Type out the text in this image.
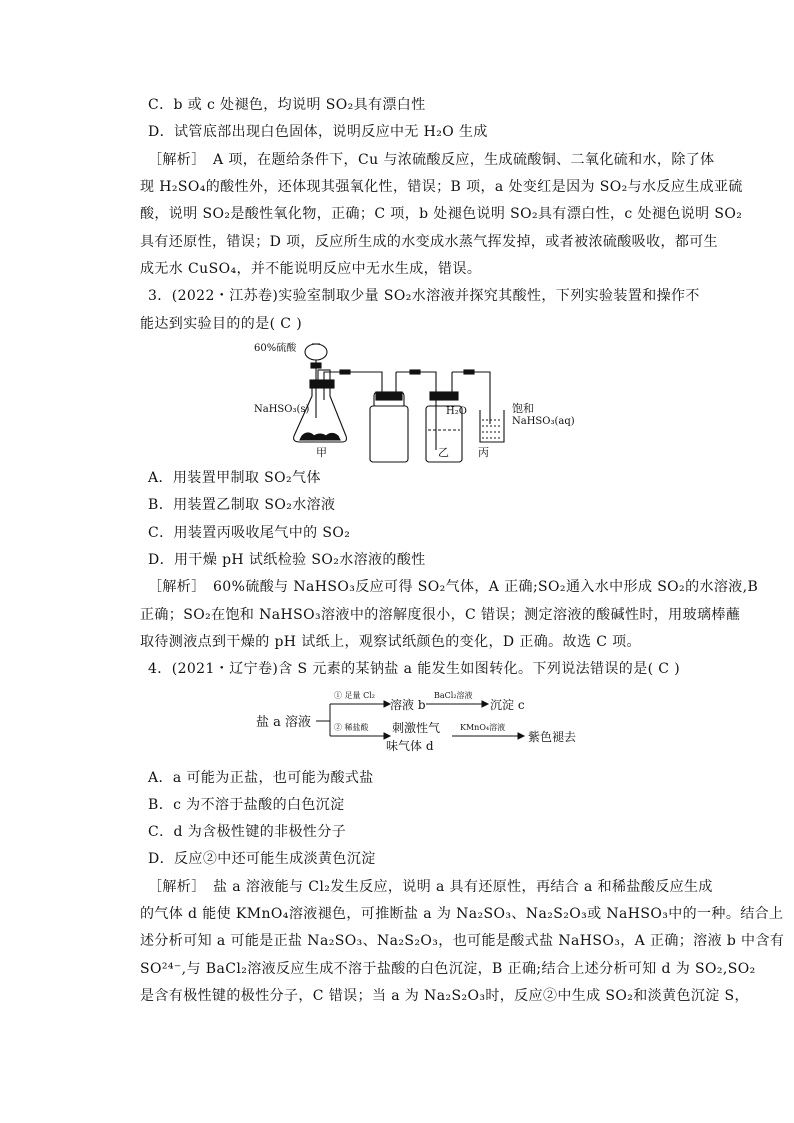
C．b 或 c 处褪色，均说明 SO₂具有漂白性
D．试管底部出现白色固体，说明反应中无 H₂O 生成
［解析］　A 项，在题给条件下，Cu 与浓硫酸反应，生成硫酸铜、二氧化硫和水，除了体
现 H₂SO₄的酸性外，还体现其强氧化性，错误；B 项，a 处变红是因为 SO₂与水反应生成亚硫
酸，说明 SO₂是酸性氧化物，正确；C 项，b 处褪色说明 SO₂具有漂白性，c 处褪色说明 SO₂
具有还原性，错误；D 项，反应所生成的水变成水蒸气挥发掉，或者被浓硫酸吸收，都可生
成无水 CuSO₄，并不能说明反应中无水生成，错误。
3．(2022・江苏卷)实验室制取少量 SO₂水溶液并探究其酸性，下列实验装置和操作不
能达到实验目的的是( C )
60%硫酸
NaHSO₃(s)
甲
H₂O	饱和
NaHSO₃(aq)
乙	丙
A．用装置甲制取 SO₂气体
B．用装置乙制取 SO₂水溶液
C．用装置丙吸收尾气中的 SO₂
D．用干燥 pH 试纸检验 SO₂水溶液的酸性
［解析］　60%硫酸与 NaHSO₃反应可得 SO₂气体，A 正确;SO₂通入水中形成 SO₂的水溶液,B
正确；SO₂在饱和 NaHSO₃溶液中的溶解度很小，C 错误；测定溶液的酸碱性时，用玻璃棒蘸
取待测液点到干燥的 pH 试纸上，观察试纸颜色的变化，D 正确。故选 C 项。
4．(2021・辽宁卷)含 S 元素的某钠盐 a 能发生如图转化。下列说法错误的是( C )
盐 a 溶液
① 足量 Cl₂
溶液 b
BaCl₂溶液
沉淀 c
② 稀盐酸 刺激性气
味气体 d
KMnO₄溶液
紫色褪去
A．a 可能为正盐，也可能为酸式盐
B．c 为不溶于盐酸的白色沉淀
C．d 为含极性键的非极性分子
D．反应②中还可能生成淡黄色沉淀
［解析］　盐 a 溶液能与 Cl₂发生反应，说明 a 具有还原性，再结合 a 和稀盐酸反应生成
的气体 d 能使 KMnO₄溶液褪色，可推断盐 a 为 Na₂SO₃、Na₂S₂O₃或 NaHSO₃中的一种。结合上
述分析可知 a 可能是正盐 Na₂SO₃、Na₂S₂O₃，也可能是酸式盐 NaHSO₃，A 正确；溶液 b 中含有
SO²⁴⁻,与 BaCl₂溶液反应生成不溶于盐酸的白色沉淀，B 正确;结合上述分析可知 d 为 SO₂,SO₂
是含有极性键的极性分子，C 错误；当 a 为 Na₂S₂O₃时，反应②中生成 SO₂和淡黄色沉淀 S，
